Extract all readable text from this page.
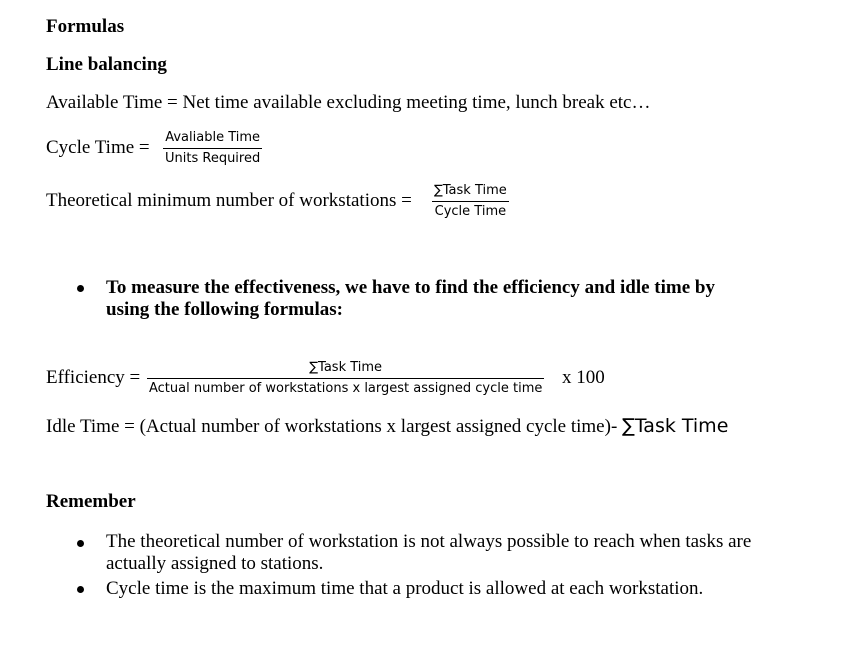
Formulas
Line balancing
Available Time = Net time available excluding meeting time, lunch break etc…
Cycle Time = Avaliable Time
Units Required
Theoretical minimum number of workstations = ∑Task Time
Cycle Time
To measure the effectiveness, we have to find the efficiency and idle time by
using the following formulas:
Efficiency =	∑Task Time
Actual number of workstations x largest assigned cycle time
x 100
Idle Time = (Actual number of workstations x largest assigned cycle time)- ∑Task Time
Remember
The theoretical number of workstation is not always possible to reach when tasks are
actually assigned to stations.
Cycle time is the maximum time that a product is allowed at each workstation.
